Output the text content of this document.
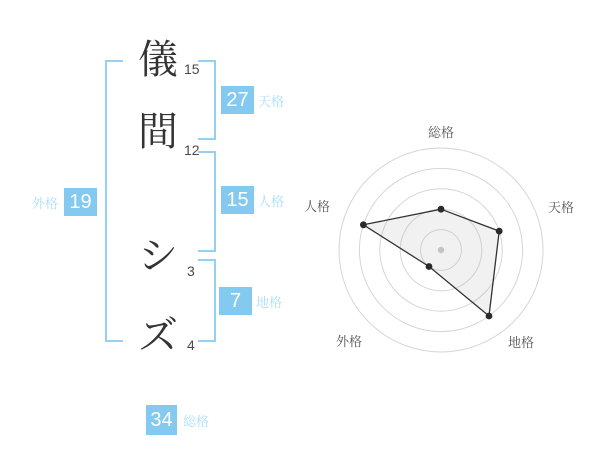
儀 15
間 12
シ 3
ズ 4
外格 19
27 天格
15 人格
7	地格
34 総格
総格
天格
地格
外格
人格
